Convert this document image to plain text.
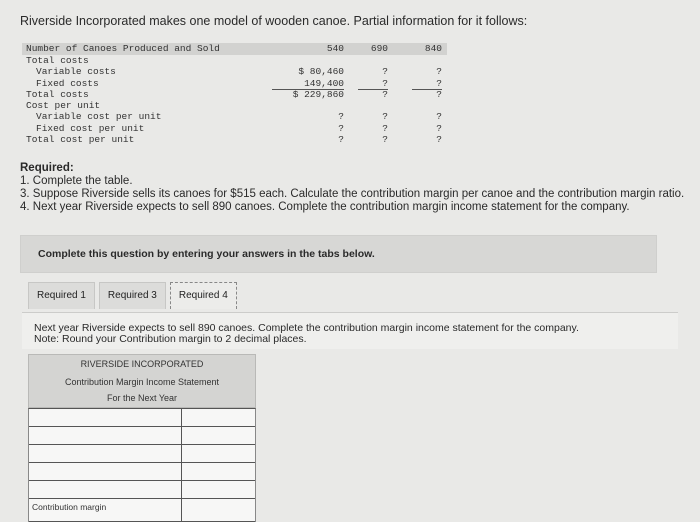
Riverside Incorporated makes one model of wooden canoe. Partial information for it follows:
Number of Canoes Produced and Sold	540	690	840
Total costs
Variable costs	$ 80,460	?	?
Fixed costs	149,400	?	?
Total costs	$ 229,860	?	?
Cost per unit
Variable cost per unit	?	?	?
Fixed cost per unit	?	?	?
Total cost per unit	?	?	?
Required:
1. Complete the table.
3. Suppose Riverside sells its canoes for $515 each. Calculate the contribution margin per canoe and the contribution margin ratio.
4. Next year Riverside expects to sell 890 canoes. Complete the contribution margin income statement for the company.
Complete this question by entering your answers in the tabs below.
Required 1	Required 3	Required 4
Next year Riverside expects to sell 890 canoes. Complete the contribution margin income statement for the company.
Note: Round your Contribution margin to 2 decimal places.
RIVERSIDE INCORPORATED
Contribution Margin Income Statement
For the Next Year
Contribution margin
